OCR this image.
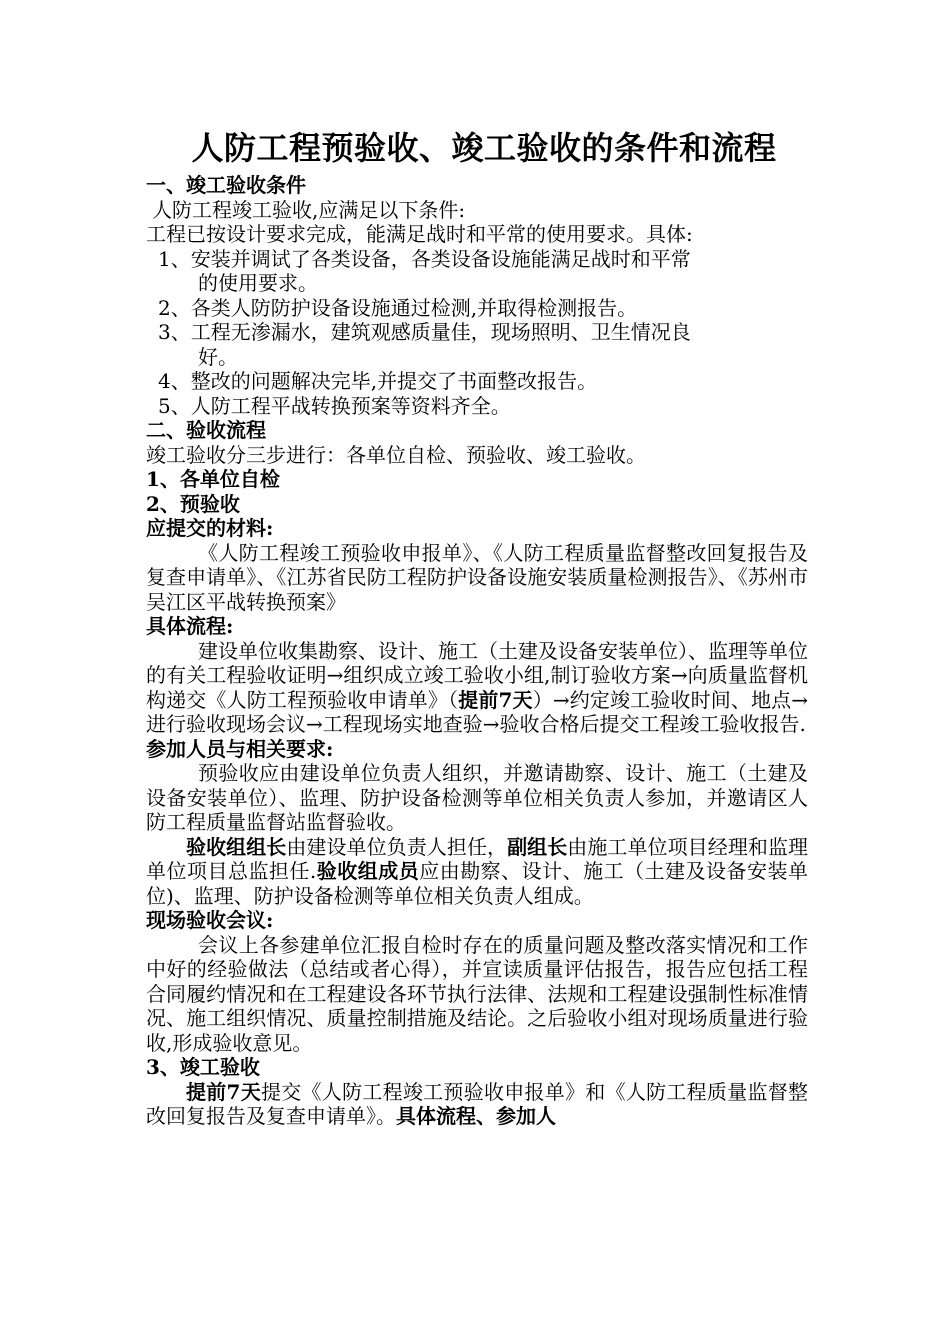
人防工程预验收、竣工验收的条件和流程
一、竣工验收条件
人防工程竣工验收,应满足以下条件:
工程已按设计要求完成，能满足战时和平常的使用要求。具体:
1、安装并调试了各类设备，各类设备设施能满足战时和平常
的使用要求。
2、各类人防防护设备设施通过检测,并取得检测报告。
3、工程无渗漏水，建筑观感质量佳，现场照明、卫生情况良
好。
4、整改的问题解决完毕,并提交了书面整改报告。
5、人防工程平战转换预案等资料齐全。
二、验收流程
竣工验收分三步进行：各单位自检、预验收、竣工验收。
1、各单位自检
2、预验收
应提交的材料:
《人防工程竣工预验收申报单》、《人防工程质量监督整改回复报告及复查申请单》、《江苏省民防工程防护设备设施安装质量检测报告》、《苏州市吴江区平战转换预案》
具体流程:
建设单位收集勘察、设计、施工（土建及设备安装单位）、监理等单位的有关工程验收证明→组织成立竣工验收小组,制订验收方案→向质量监督机构递交《人防工程预验收申请单》（提前7天）→约定竣工验收时间、地点→进行验收现场会议→工程现场实地查验→验收合格后提交工程竣工验收报告.
参加人员与相关要求:
预验收应由建设单位负责人组织，并邀请勘察、设计、施工（土建及设备安装单位）、监理、防护设备检测等单位相关负责人参加，并邀请区人防工程质量监督站监督验收。
验收组组长由建设单位负责人担任，副组长由施工单位项目经理和监理单位项目总监担任.验收组成员应由勘察、设计、施工（土建及设备安装单位)、监理、防护设备检测等单位相关负责人组成。
现场验收会议:
会议上各参建单位汇报自检时存在的质量问题及整改落实情况和工作中好的经验做法（总结或者心得），并宣读质量评估报告，报告应包括工程合同履约情况和在工程建设各环节执行法律、法规和工程建设强制性标准情况、施工组织情况、质量控制措施及结论。之后验收小组对现场质量进行验收,形成验收意见。
3、竣工验收
提前7天提交《人防工程竣工预验收申报单》和《人防工程质量监督整改回复报告及复查申请单》。具体流程、参加人
